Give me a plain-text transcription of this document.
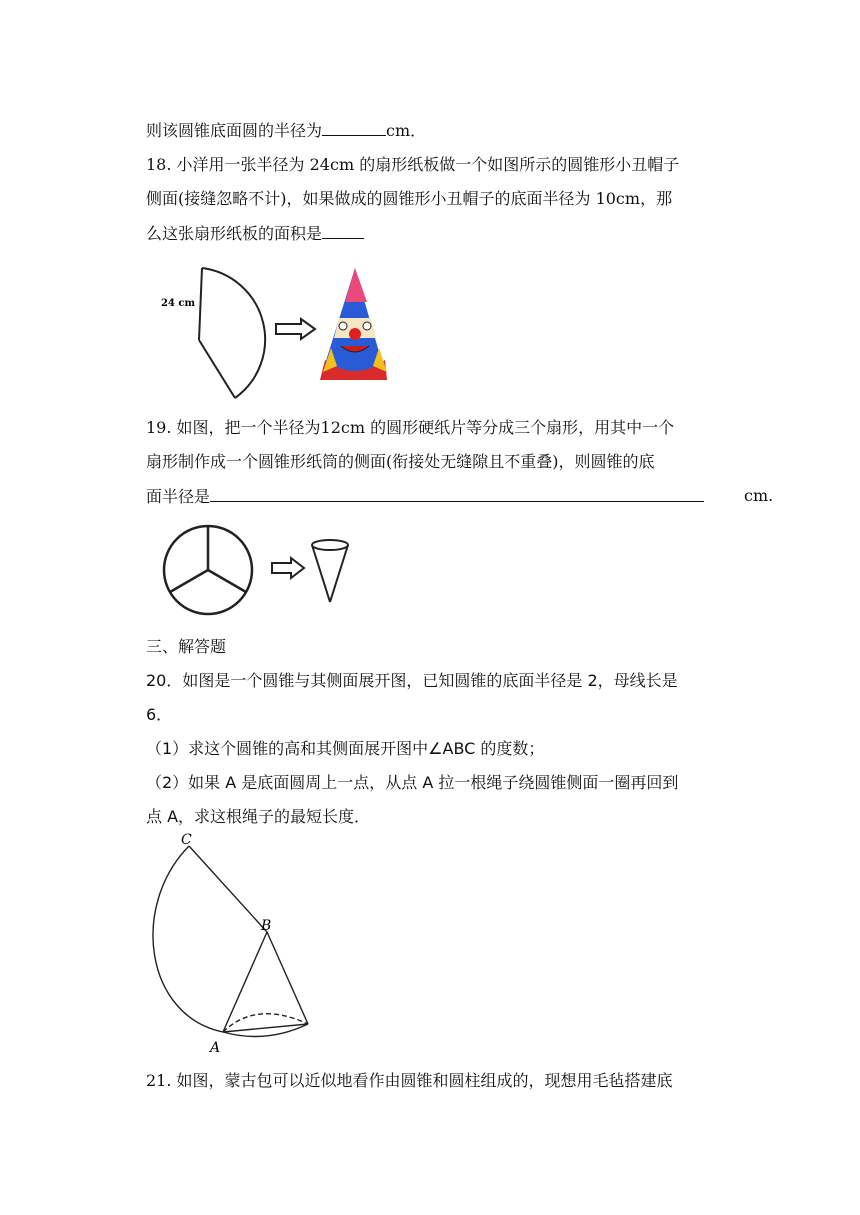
则该圆锥底面圆的半径为	cm．
18. 小洋用一张半径为 24cm 的扇形纸板做一个如图所示的圆锥形小丑帽子
侧面(接缝忽略不计)，如果做成的圆锥形小丑帽子的底面半径为 10cm，那
么这张扇形纸板的面积是
24 cm
19. 如图，把一个半径为12cm 的圆形硬纸片等分成三个扇形，用其中一个
扇形制作成一个圆锥形纸筒的侧面(衔接处无缝隙且不重叠)，则圆锥的底
面半径是	cm.
三、解答题
20．如图是一个圆锥与其侧面展开图，已知圆锥的底面半径是 2，母线长是
6．
（1）求这个圆锥的高和其侧面展开图中∠ABC 的度数；
（2）如果 A 是底面圆周上一点，从点 A 拉一根绳子绕圆锥侧面一圈再回到
点 A，求这根绳子的最短长度．
C
B
A
21. 如图，蒙古包可以近似地看作由圆锥和圆柱组成的，现想用毛毡搭建底
